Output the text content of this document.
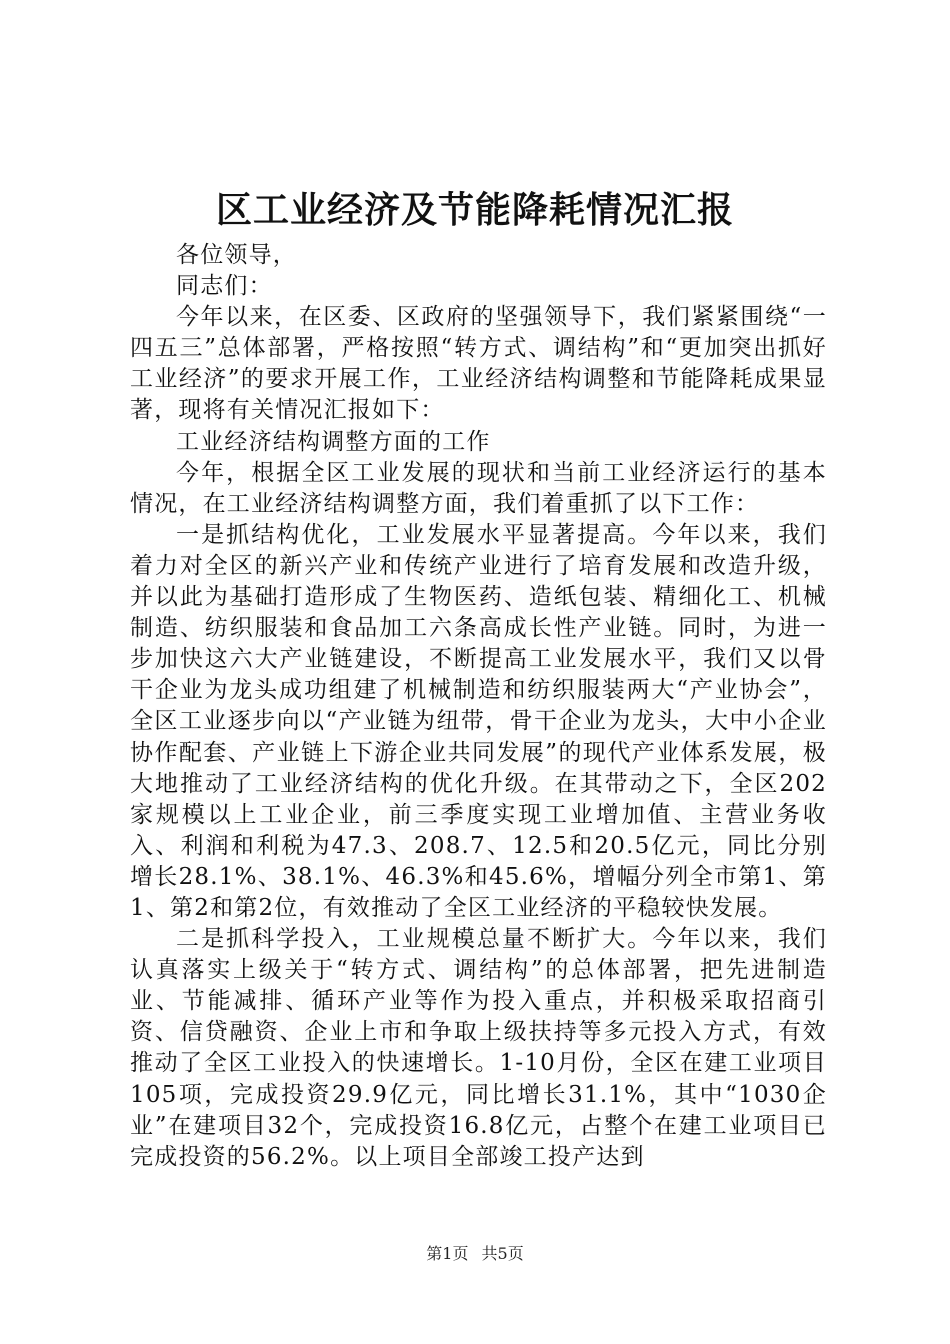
区工业经济及节能降耗情况汇报

各位领导，

同志们：

今年以来，在区委、区政府的坚强领导下，我们紧紧围绕“一四五三”总体部署，严格按照“转方式、调结构”和“更加突出抓好工业经济”的要求开展工作，工业经济结构调整和节能降耗成果显著，现将有关情况汇报如下：

工业经济结构调整方面的工作

今年，根据全区工业发展的现状和当前工业经济运行的基本情况，在工业经济结构调整方面，我们着重抓了以下工作：

一是抓结构优化，工业发展水平显著提高。今年以来，我们着力对全区的新兴产业和传统产业进行了培育发展和改造升级，并以此为基础打造形成了生物医药、造纸包装、精细化工、机械制造、纺织服装和食品加工六条高成长性产业链。同时，为进一步加快这六大产业链建设，不断提高工业发展水平，我们又以骨干企业为龙头成功组建了机械制造和纺织服装两大“产业协会”，全区工业逐步向以“产业链为纽带，骨干企业为龙头，大中小企业协作配套、产业链上下游企业共同发展”的现代产业体系发展，极大地推动了工业经济结构的优化升级。在其带动之下，全区202家规模以上工业企业，前三季度实现工业增加值、主营业务收入、利润和利税为47.3、208.7、12.5和20.5亿元，同比分别增长28.1%、38.1%、46.3%和45.6%，增幅分列全市第1、第1、第2和第2位，有效推动了全区工业经济的平稳较快发展。

二是抓科学投入，工业规模总量不断扩大。今年以来，我们认真落实上级关于“转方式、调结构”的总体部署，把先进制造业、节能减排、循环产业等作为投入重点，并积极采取招商引资、信贷融资、企业上市和争取上级扶持等多元投入方式，有效推动了全区工业投入的快速增长。1-10月份，全区在建工业项目105项，完成投资29.9亿元，同比增长31.1%，其中“1030企业”在建项目32个，完成投资16.8亿元，占整个在建工业项目已完成投资的56.2%。以上项目全部竣工投产达到

第1页 共5页
